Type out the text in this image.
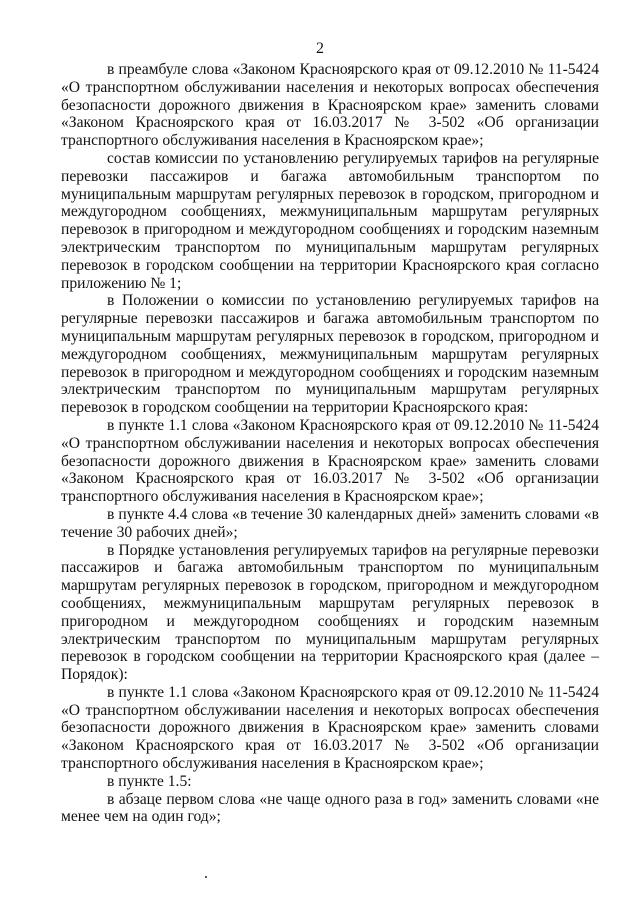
2

в преамбуле слова «Законом Красноярского края от 09.12.2010 № 11-5424 «О транспортном обслуживании населения и некоторых вопросах обеспечения безопасности дорожного движения в Красноярском крае» заменить словами «Законом Красноярского края от 16.03.2017 № 3-502 «Об организации транспортного обслуживания населения в Красноярском крае»;

состав комиссии по установлению регулируемых тарифов на регулярные перевозки пассажиров и багажа автомобильным транспортом по муниципальным маршрутам регулярных перевозок в городском, пригородном и междугородном сообщениях, межмуниципальным маршрутам регулярных перевозок в пригородном и междугородном сообщениях и городским наземным электрическим транспортом по муниципальным маршрутам регулярных перевозок в городском сообщении на территории Красноярского края согласно приложению № 1;

в Положении о комиссии по установлению регулируемых тарифов на регулярные перевозки пассажиров и багажа автомобильным транспортом по муниципальным маршрутам регулярных перевозок в городском, пригородном и междугородном сообщениях, межмуниципальным маршрутам регулярных перевозок в пригородном и междугородном сообщениях и городским наземным электрическим транспортом по муниципальным маршрутам регулярных перевозок в городском сообщении на территории Красноярского края:

в пункте 1.1 слова «Законом Красноярского края от 09.12.2010 № 11-5424 «О транспортном обслуживании населения и некоторых вопросах обеспечения безопасности дорожного движения в Красноярском крае» заменить словами «Законом Красноярского края от 16.03.2017 № 3-502 «Об организации транспортного обслуживания населения в Красноярском крае»;

в пункте 4.4 слова «в течение 30 календарных дней» заменить словами «в течение 30 рабочих дней»;

в Порядке установления регулируемых тарифов на регулярные перевозки пассажиров и багажа автомобильным транспортом по муниципальным маршрутам регулярных перевозок в городском, пригородном и междугородном сообщениях, межмуниципальным маршрутам регулярных перевозок в пригородном и междугородном сообщениях и городским наземным электрическим транспортом по муниципальным маршрутам регулярных перевозок в городском сообщении на территории Красноярского края (далее – Порядок):

в пункте 1.1 слова «Законом Красноярского края от 09.12.2010 № 11-5424 «О транспортном обслуживании населения и некоторых вопросах обеспечения безопасности дорожного движения в Красноярском крае» заменить словами «Законом Красноярского края от 16.03.2017 № 3-502 «Об организации транспортного обслуживания населения в Красноярском крае»;

в пункте 1.5:

в абзаце первом слова «не чаще одного раза в год» заменить словами «не менее чем на один год»;
